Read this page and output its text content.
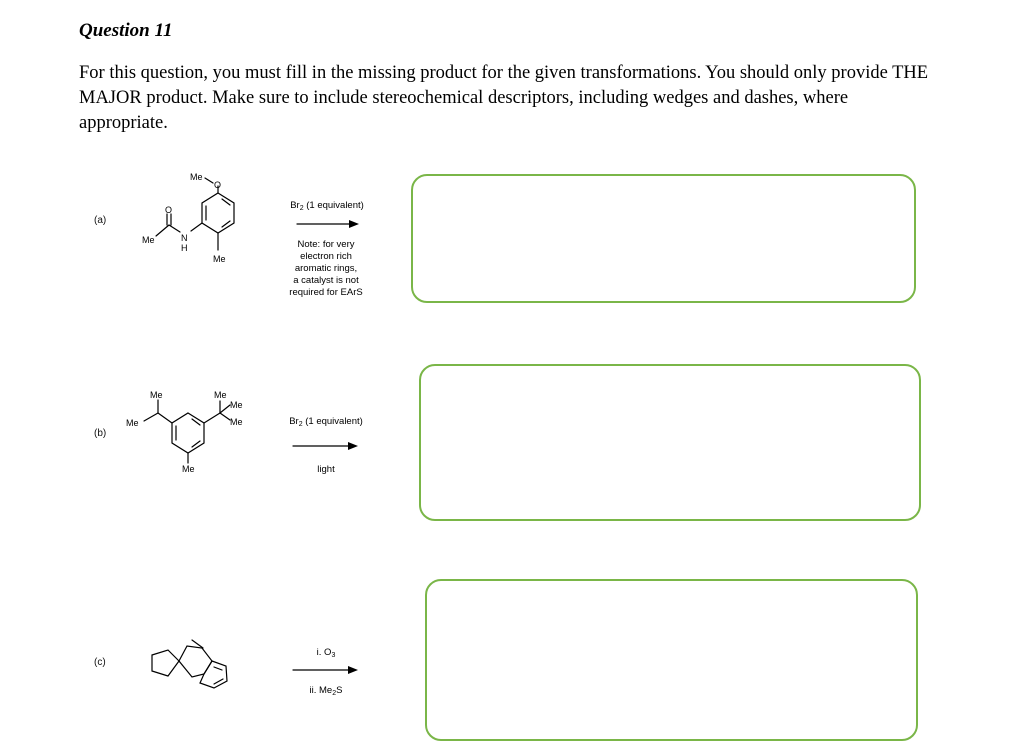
Question 11

For this question, you must fill in the missing product for the given transformations. You should only provide THE MAJOR product. Make sure to include stereochemical descriptors, including wedges and dashes, where appropriate.

(a)
(b)
(c)
Me
O
O
Me	N
H
Me
Me
Me
Me
Me
Me
Me
$Br_2$ (1 equivalent)
Note: for very
electron rich
aromatic rings,
a catalyst is not
required for EArS
$Br_2$ (1 equivalent)
light
i. $O_3$
ii. $Me_2S$
